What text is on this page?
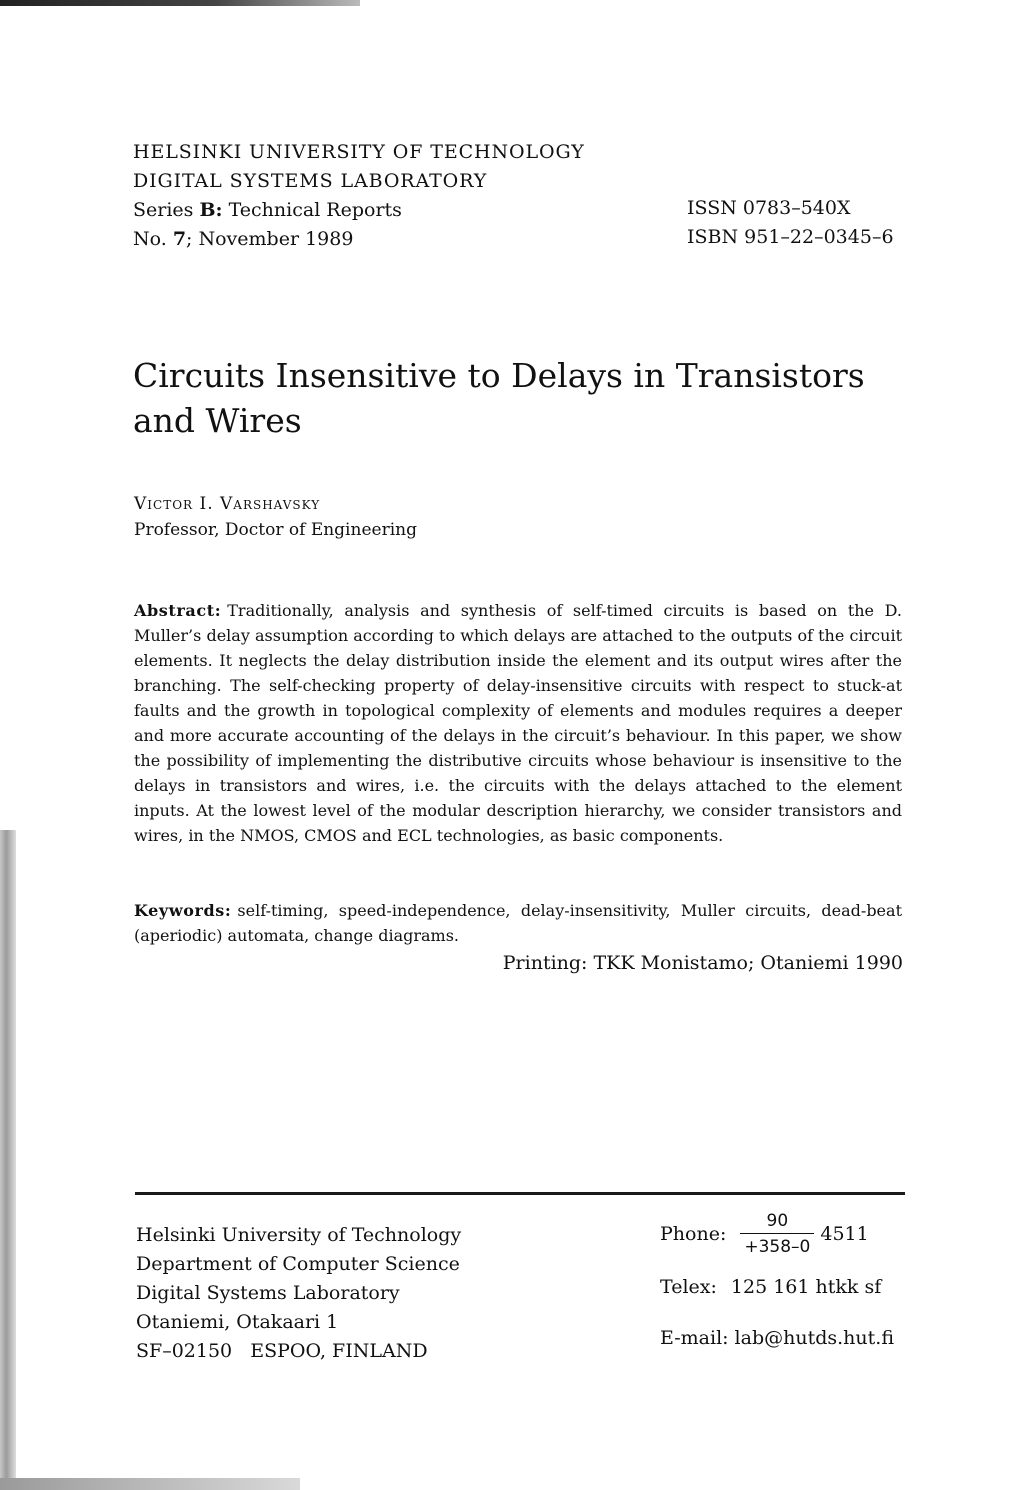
HELSINKI UNIVERSITY OF TECHNOLOGY
DIGITAL SYSTEMS LABORATORY
Series B: Technical Reports
No. 7; November 1989
ISSN 0783–540X
ISBN 951–22–0345–6
Circuits Insensitive to Delays in Transistors and Wires
Victor I. Varshavsky
Professor, Doctor of Engineering

Abstract: Traditionally, analysis and synthesis of self-timed circuits is based on the D. Muller’s delay assumption according to which delays are attached to the outputs of the circuit elements. It neglects the delay distribution inside the element and its output wires after the branching. The self-checking property of delay-insensitive circuits with respect to stuck-at faults and the growth in topological complexity of elements and modules requires a deeper and more accurate accounting of the delays in the circuit’s behaviour. In this paper, we show the possibility of implementing the distributive circuits whose behaviour is insensitive to the delays in transistors and wires, i.e. the circuits with the delays attached to the element inputs. At the lowest level of the modular description hierarchy, we consider transistors and wires, in the NMOS, CMOS and ECL technologies, as basic components.

Keywords: self-timing, speed-independence, delay-insensitivity, Muller circuits, dead-beat (aperiodic) automata, change diagrams.

Printing: TKK Monistamo; Otaniemi 1990
Helsinki University of Technology
Department of Computer Science
Digital Systems Laboratory
Otaniemi, Otakaari 1
SF–02150   ESPOO, FINLAND
Phone: $\frac{90}{+358-0} 4511$
Telex: 125 161 htkk sf
E-mail: lab@hutds.hut.fi
